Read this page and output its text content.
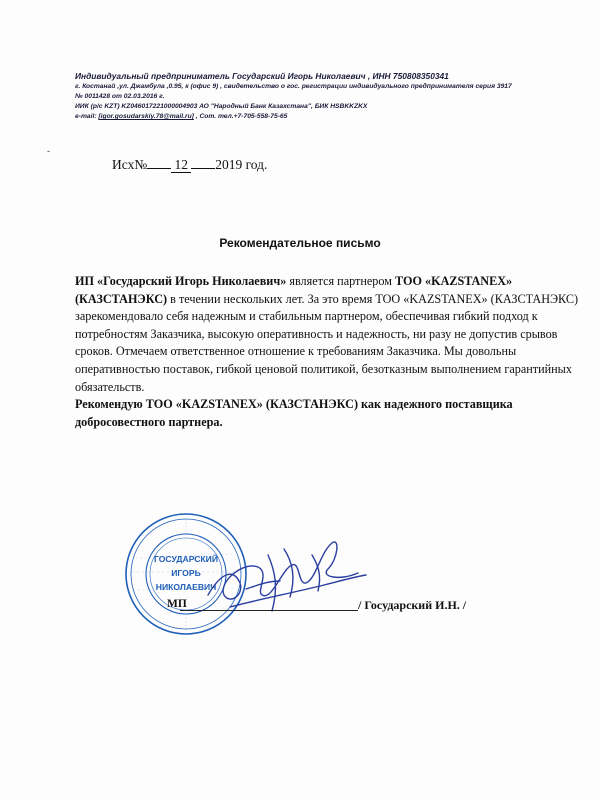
Индивидуальный предприниматель Государский Игорь Николаевич , ИНН 750808350341
г. Костанай ,ул. Джамбула ,0.95, к (офис 9) , свидетельство о гос. регистрации индивидуального предпринимателя серия 3917
№ 0011428 от 02.03.2016 г.
ИИК (р/с KZT) KZ046017221000004903 АО "Народный Банк Казахстана", БИК HSBKKZKX
e-mail: [igor.gosudarskiy.78@mail.ru] , Сот. тел.+7-705-558-75-65
-
Исх№ 12 2019 год.
Рекомендательное письмо
ИП «Государский Игорь Николаевич» является партнером ТОО «KAZSTANEX»
(КАЗСТАНЭКС) в течении нескольких лет. За это время ТОО «KAZSTANEX» (КАЗСТАНЭКС)
зарекомендовало себя надежным и стабильным партнером, обеспечивая гибкий подход к
потребностям Заказчика, высокую оперативность и надежность, ни разу не допустив срывов
сроков. Отмечаем ответственное отношение к требованиям Заказчика. Мы довольны
оперативностью поставок, гибкой ценовой политикой, безотказным выполнением гарантийных
обязательств.
Рекомендую ТОО «KAZSTANEX» (КАЗСТАНЭКС) как надежного поставщика
добросовестного партнера.
ГОСУДАРСКИЙ
ИГОРЬ
НИКОЛАЕВИЧ
МП	/ Государский И.Н. /
